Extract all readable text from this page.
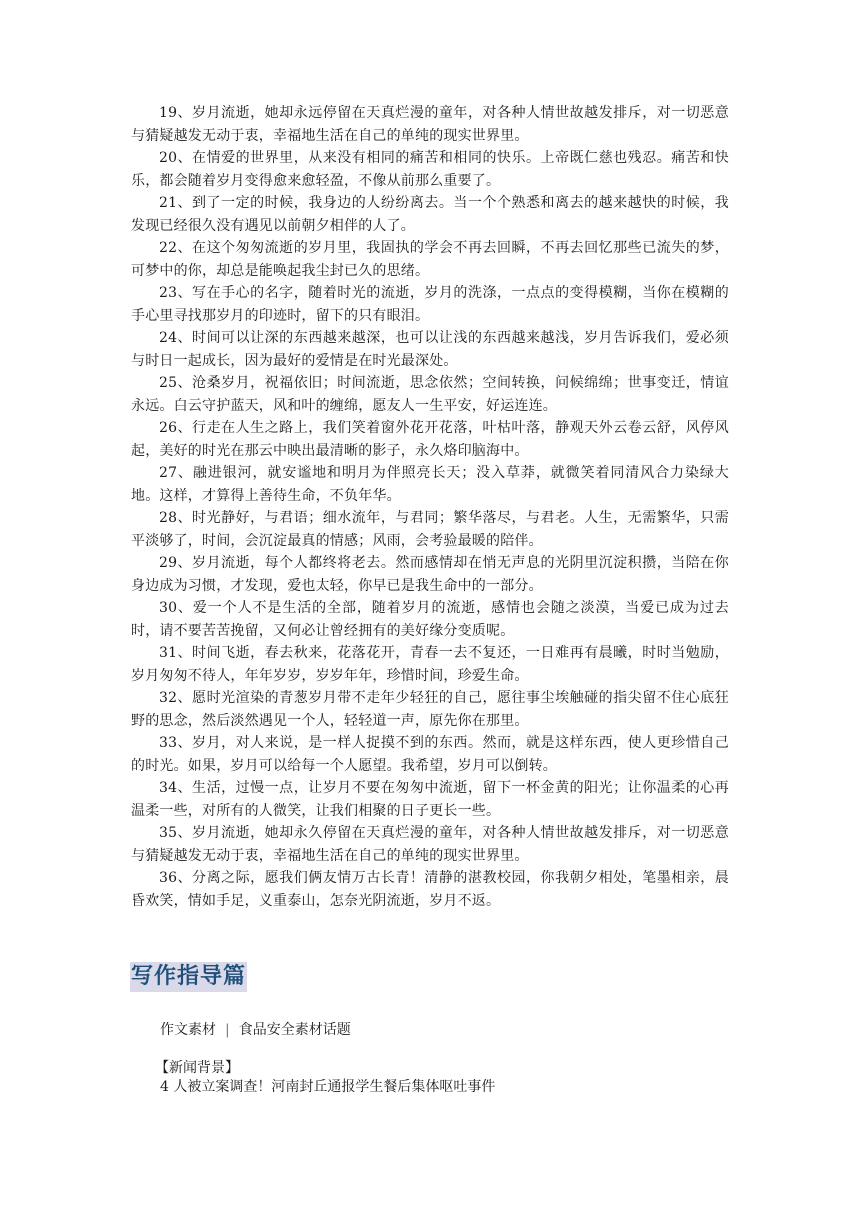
19、岁月流逝，她却永远停留在天真烂漫的童年，对各种人情世故越发排斥，对一切恶意与猜疑越发无动于衷，幸福地生活在自己的单纯的现实世界里。

20、在情爱的世界里，从来没有相同的痛苦和相同的快乐。上帝既仁慈也残忍。痛苦和快乐，都会随着岁月变得愈来愈轻盈，不像从前那么重要了。

21、到了一定的时候，我身边的人纷纷离去。当一个个熟悉和离去的越来越快的时候，我发现已经很久没有遇见以前朝夕相伴的人了。

22、在这个匆匆流逝的岁月里，我固执的学会不再去回瞬，不再去回忆那些已流失的梦，可梦中的你，却总是能唤起我尘封已久的思绪。

23、写在手心的名字，随着时光的流逝，岁月的洗涤，一点点的变得模糊，当你在模糊的手心里寻找那岁月的印迹时，留下的只有眼泪。

24、时间可以让深的东西越来越深，也可以让浅的东西越来越浅，岁月告诉我们，爱必须与时日一起成长，因为最好的爱情是在时光最深处。

25、沧桑岁月，祝福依旧；时间流逝，思念依然；空间转换，问候绵绵；世事变迁，情谊永远。白云守护蓝天，风和叶的缠绵，愿友人一生平安，好运连连。

26、行走在人生之路上，我们笑着窗外花开花落，叶枯叶落，静观天外云卷云舒，风停风起，美好的时光在那云中映出最清晰的影子，永久烙印脑海中。

27、融进银河，就安谧地和明月为伴照亮长天；没入草莽，就微笑着同清风合力染绿大地。这样，才算得上善待生命，不负年华。

28、时光静好，与君语；细水流年，与君同；繁华落尽，与君老。人生，无需繁华，只需平淡够了，时间，会沉淀最真的情感；风雨，会考验最暖的陪伴。

29、岁月流逝，每个人都终将老去。然而感情却在悄无声息的光阴里沉淀积攒，当陪在你身边成为习惯，才发现，爱也太轻，你早已是我生命中的一部分。

30、爱一个人不是生活的全部，随着岁月的流逝，感情也会随之淡漠，当爱已成为过去时，请不要苦苦挽留，又何必让曾经拥有的美好缘分变质呢。

31、时间飞逝，春去秋来，花落花开，青春一去不复还，一日难再有晨曦，时时当勉励，岁月匆匆不待人，年年岁岁，岁岁年年，珍惜时间，珍爱生命。

32、愿时光渲染的青葱岁月带不走年少轻狂的自己，愿往事尘埃触碰的指尖留不住心底狂野的思念，然后淡然遇见一个人，轻轻道一声，原先你在那里。

33、岁月，对人来说，是一样人捉摸不到的东西。然而，就是这样东西，使人更珍惜自己的时光。如果，岁月可以给每一个人愿望。我希望，岁月可以倒转。

34、生活，过慢一点，让岁月不要在匆匆中流逝，留下一杯金黄的阳光；让你温柔的心再温柔一些，对所有的人微笑，让我们相聚的日子更长一些。

35、岁月流逝，她却永久停留在天真烂漫的童年，对各种人情世故越发排斥，对一切恶意与猜疑越发无动于衷，幸福地生活在自己的单纯的现实世界里。

36、分离之际，愿我们俩友情万古长青！清静的湛教校园，你我朝夕相处，笔墨相亲，晨昏欢笑，情如手足，义重泰山，怎奈光阴流逝，岁月不返。

写作指导篇
作文素材 | 食品安全素材话题
【新闻背景】
4 人被立案调查！河南封丘通报学生餐后集体呕吐事件
